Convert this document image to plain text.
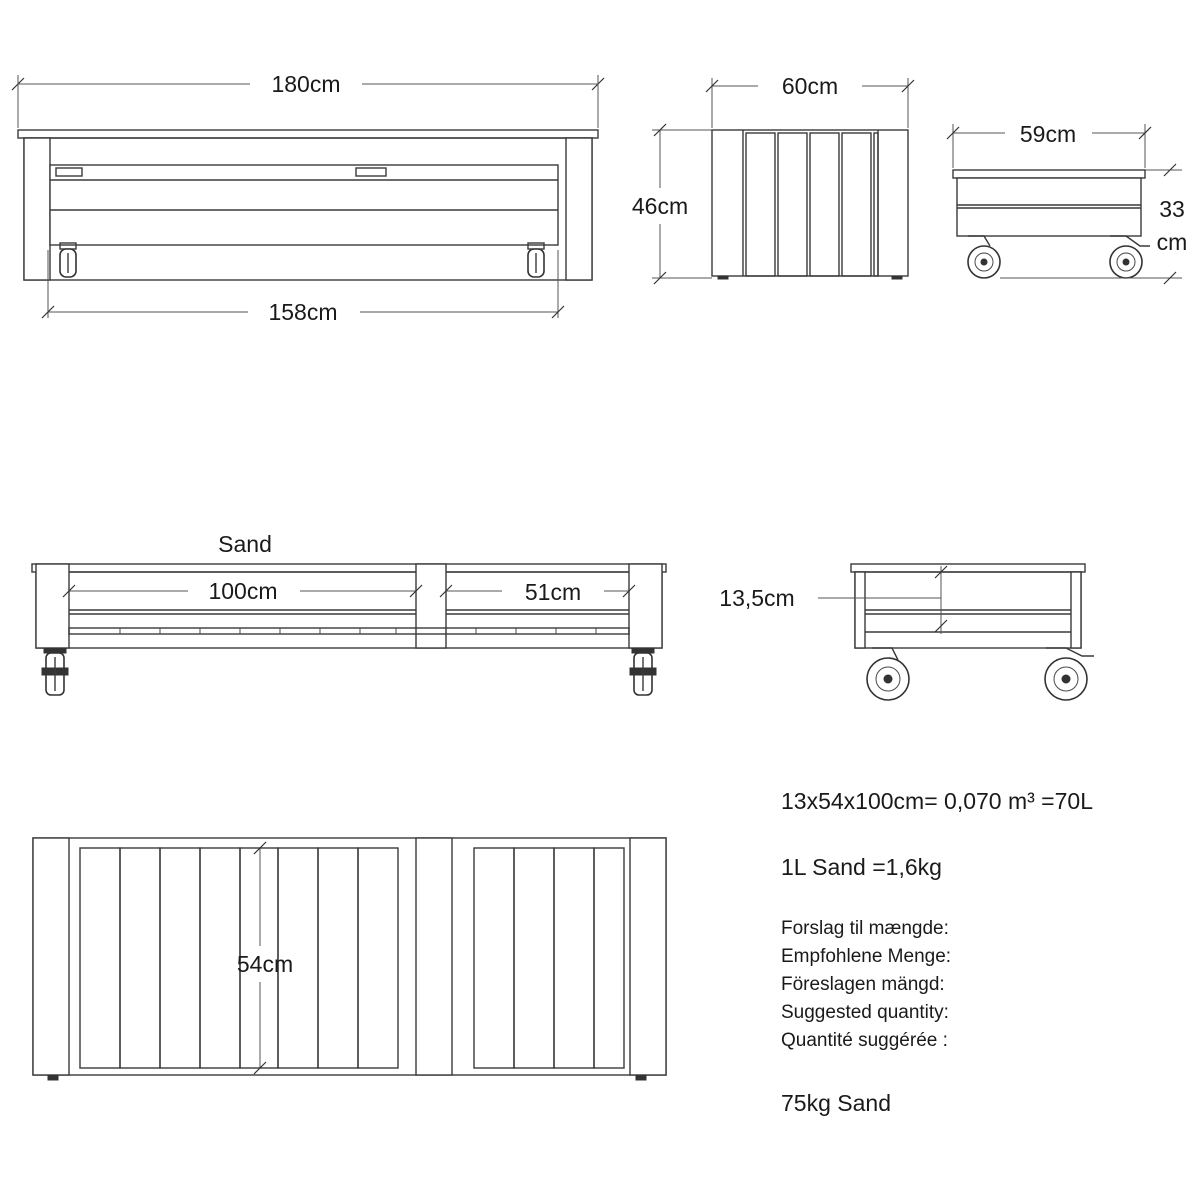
180cm
158cm
60cm
46cm
59cm
33
cm
Sand
100cm	51cm	13,5cm
54cm
13x54x100cm= 0,070 m³ =70L
1L Sand =1,6kg
Forslag til mængde:
Empfohlene Menge:
Föreslagen mängd:
Suggested quantity:
Quantité suggérée :
75kg Sand
